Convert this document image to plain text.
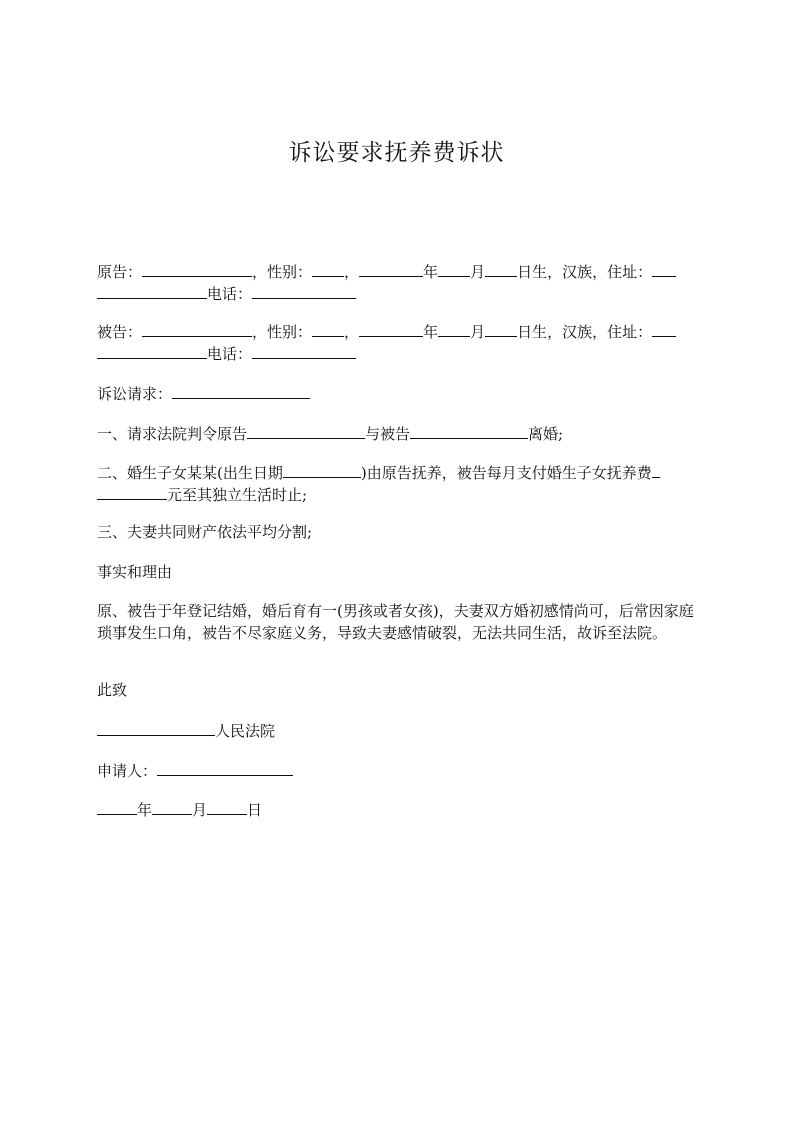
诉讼要求抚养费诉状
原告：	，性别： ，	年 月 日生，汉族，住址：
电话：
被告：	，性别： ，	年 月 日生，汉族，住址：
电话：
诉讼请求：
一、请求法院判令原告	与被告	离婚;
二、婚生子女某某(出生日期	)由原告抚养，被告每月支付婚生子女抚养费
元至其独立生活时止;
三、夫妻共同财产依法平均分割;
事实和理由
原、被告于年登记结婚，婚后育有一(男孩或者女孩)，夫妻双方婚初感情尚可，后常因家庭琐事发生口角，被告不尽家庭义务，导致夫妻感情破裂，无法共同生活，故诉至法院。
此致
人民法院
申请人：
年	月	日
